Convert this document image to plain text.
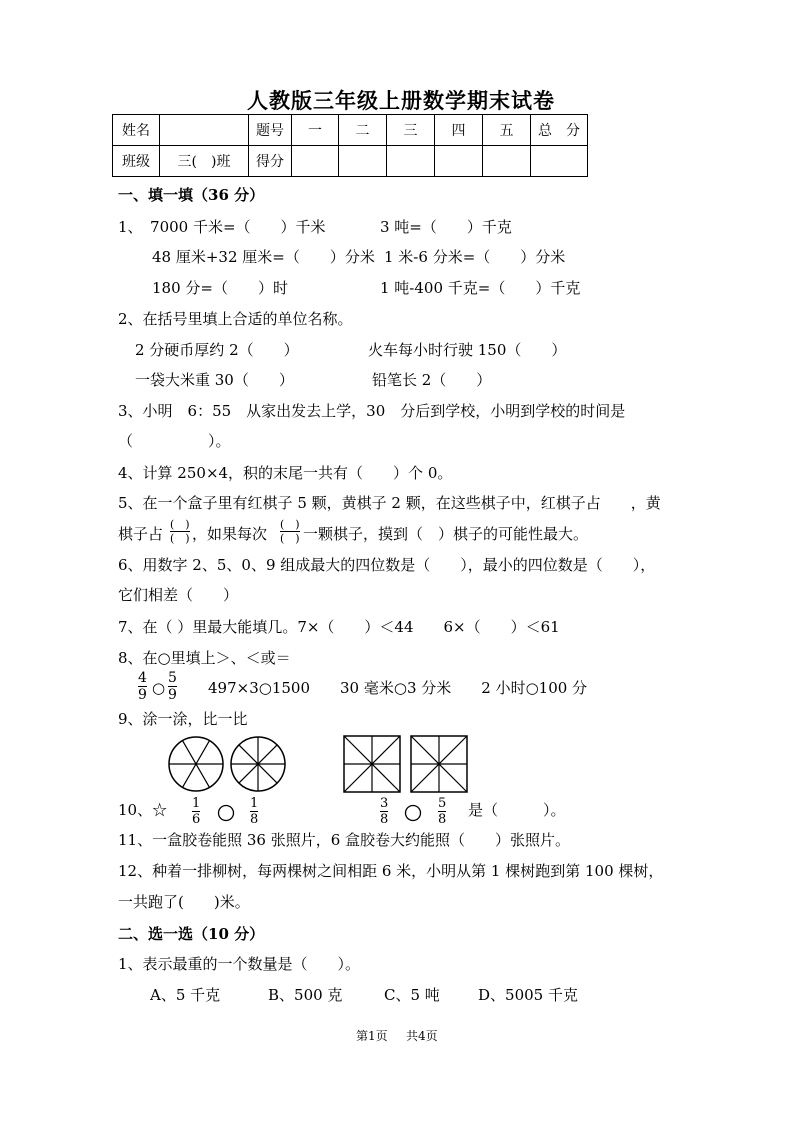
人教版三年级上册数学期末试卷
姓名		题号	一	二	三	四	五	总　分
班级	三(　)班	得分						
一、填一填（36 分）
1、　7000 千米=（　　）千米	3 吨=（　　）千克
48 厘米+32 厘米=（　　）分米 1 米-6 分米=（　　）分米
180 分=（　　）时	1 吨-400 千克=（　　）千克
2、在括号里填上合适的单位名称。
2 分硬币厚约 2（　　）	火车每小时行驶 150（　　）
一袋大米重 30（　　）	铅笔长 2（　　）
3、小明　6：55　从家出发去上学，30　分后到学校，小明到学校的时间是
（　　　　　）。
4、计算 250×4，积的末尾一共有（　　）个 0。
5、在一个盒子里有红棋子 5 颗，黄棋子 2 颗，在这些棋子中，红棋子占　　，黄
棋子占
(　)
(　) ，如果每次
(　)
(　) 一颗棋子，摸到（　）棋子的可能性最大。
6、用数字 2、5、0、9 组成最大的四位数是（　　），最小的四位数是（　　），
它们相差（　　）
7、在（ ）里最大能填几。7×（　　）＜44　　6×（　　）＜61
8、在○里填上＞、＜或＝
4
9 ○
5
9 497×3○1500　　30 毫米○3 分米　　2 小时○100 分
9、涂一涂，比一比
10、☆ 1
6
1
8
3
8
5
8
是（　　　）。
11、一盒胶卷能照 36 张照片，6 盒胶卷大约能照（　　）张照片。
12、种着一排柳树，每两棵树之间相距 6 米，小明从第 1 棵树跑到第 100 棵树，
一共跑了(　　)米。
二、选一选（10 分）
1、表示最重的一个数量是（　　）。
A、5 千克	B、500 克	C、5 吨	D、5005 千克
第1页 共4页
